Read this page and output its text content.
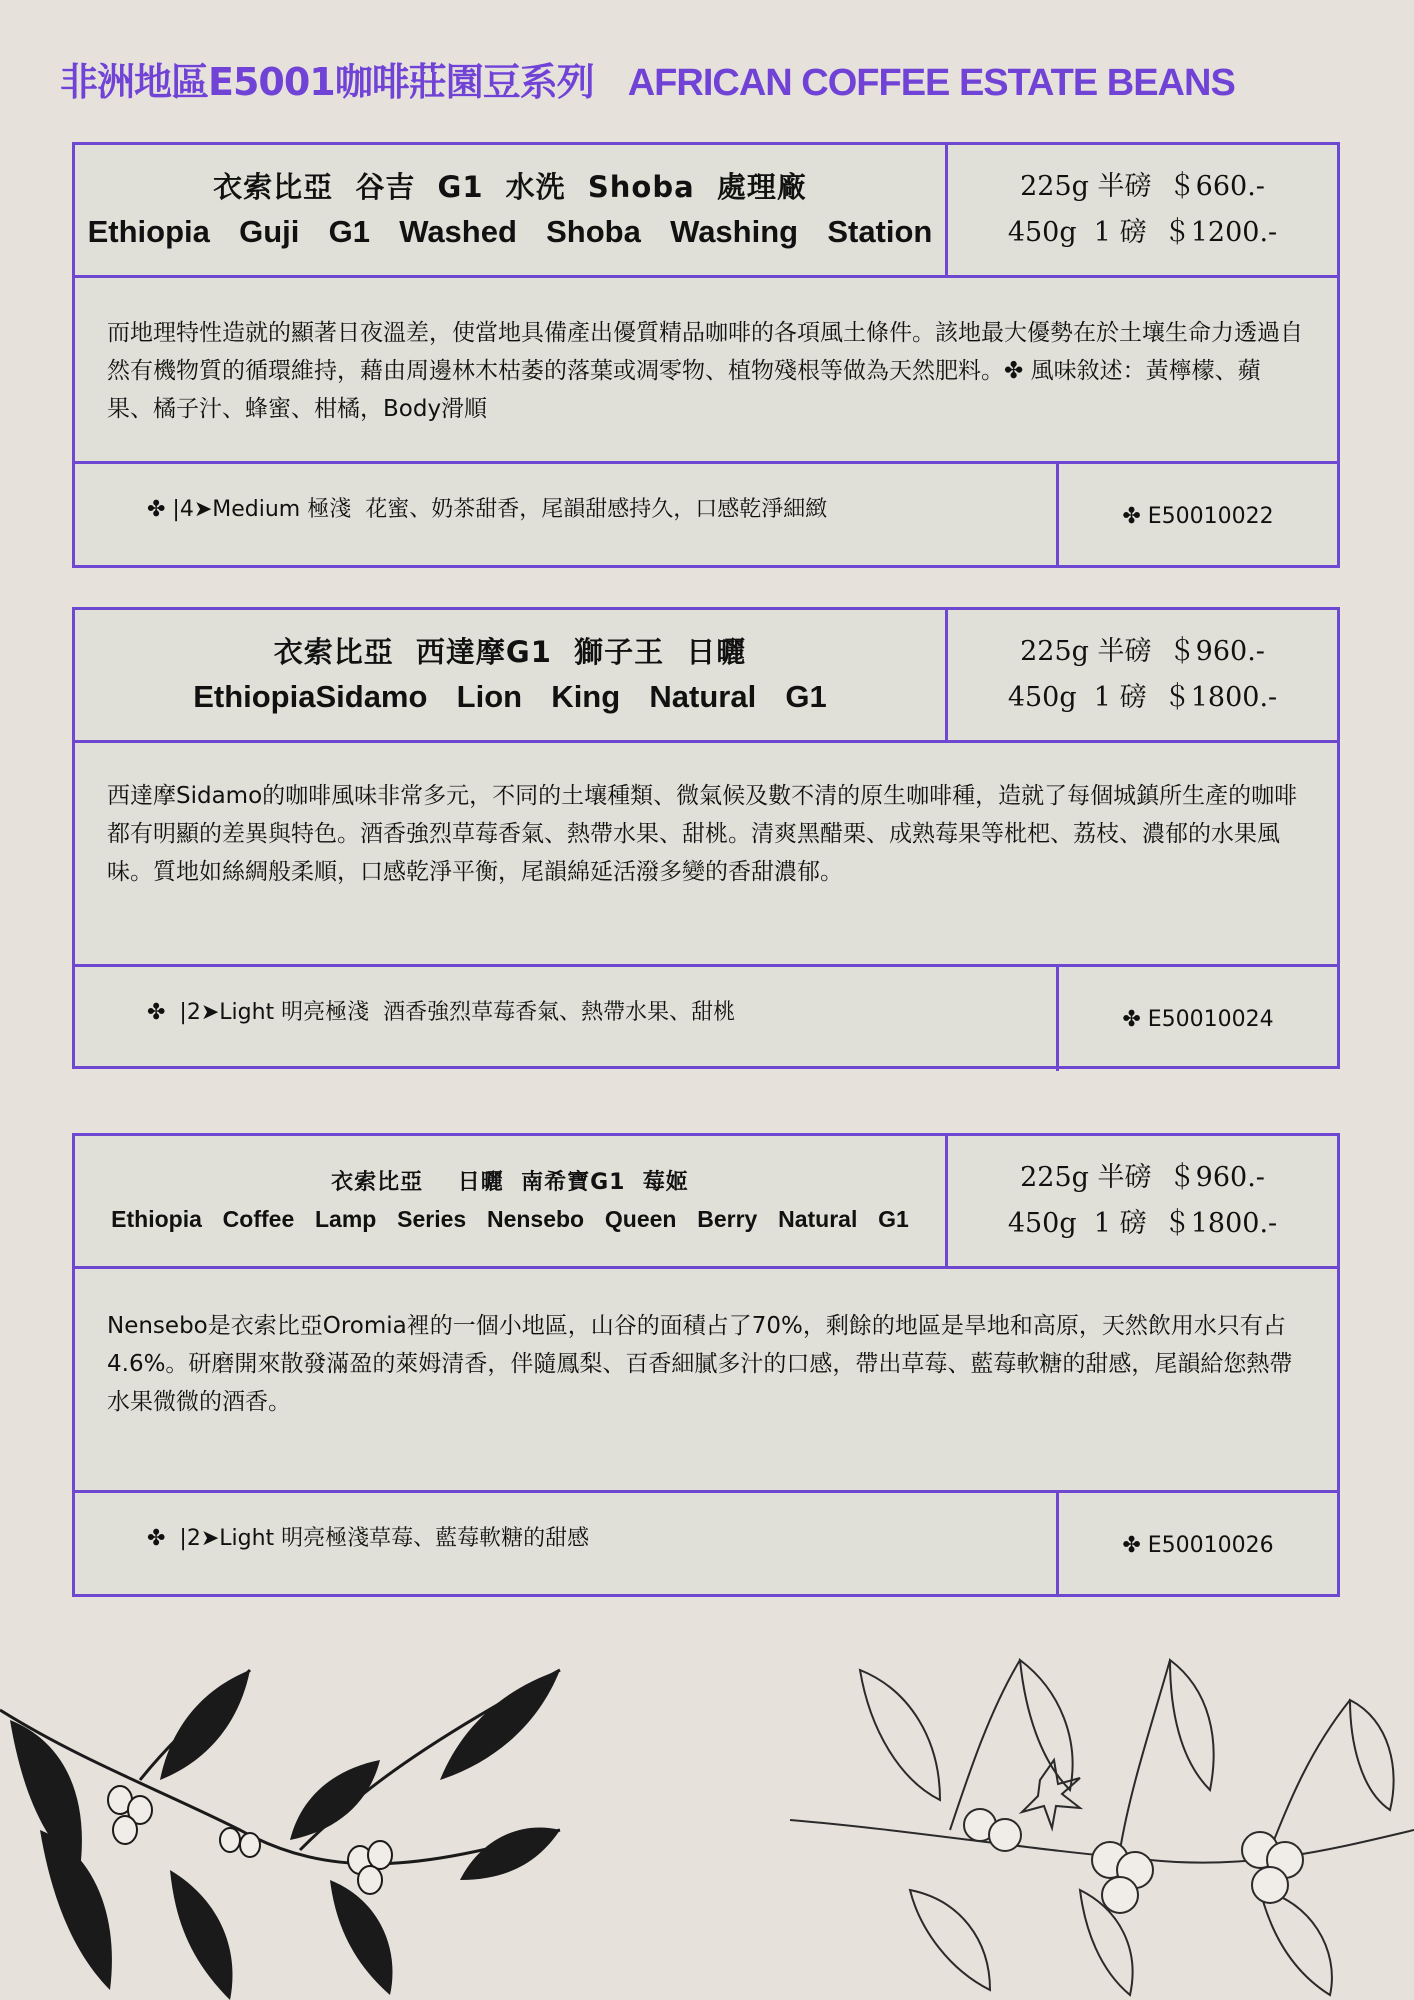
非洲地區E5001咖啡莊園豆系列 AFRICAN COFFEE ESTATE BEANS
衣索比亞  谷吉  G1  水洗  Shoba  處理廠
Ethiopia  Guji  G1  Washed  Shoba  Washing  Station
225g 半磅  ＄660.-
450g  1 磅  ＄1200.-
而地理特性造就的顯著日夜溫差，使當地具備產出優質精品咖啡的各項風土條件。該地最大優勢在於土壤生命力透過自然有機物質的循環維持，藉由周邊林木枯萎的落葉或凋零物、植物殘根等做為天然肥料。✤ 風味敘述：黃檸檬、蘋果、橘子汁、蜂蜜、柑橘，Body滑順
✤ |4➤Medium 極淺  花蜜、奶茶甜香，尾韻甜感持久，口感乾淨細緻	✤ E50010022
衣索比亞  西達摩G1  獅子王  日曬
EthiopiaSidamo  Lion  King  Natural  G1
225g 半磅  ＄960.-
450g  1 磅  ＄1800.-
西達摩Sidamo的咖啡風味非常多元，不同的土壤種類、微氣候及數不清的原生咖啡種，造就了每個城鎮所生產的咖啡都有明顯的差異與特色。酒香強烈草莓香氣、熱帶水果、甜桃。清爽黑醋栗、成熟莓果等枇杷、荔枝、濃郁的水果風味。質地如絲綢般柔順，口感乾淨平衡，尾韻綿延活潑多變的香甜濃郁。
✤  |2➤Light 明亮極淺  酒香強烈草莓香氣、熱帶水果、甜桃	✤ E50010024
衣索比亞    日曬  南希寶G1  莓姬
Ethiopia  Coffee  Lamp  Series  Nensebo  Queen  Berry  Natural  G1
225g 半磅  ＄960.-
450g  1 磅  ＄1800.-
Nensebo是衣索比亞Oromia裡的一個小地區，山谷的面積占了70%，剩餘的地區是旱地和高原，天然飲用水只有占4.6%。研磨開來散發滿盈的萊姆清香，伴隨鳳梨、百香細膩多汁的口感，帶出草莓、藍莓軟糖的甜感，尾韻給您熱帶水果微微的酒香。
✤  |2➤Light 明亮極淺草莓、藍莓軟糖的甜感	✤ E50010026
